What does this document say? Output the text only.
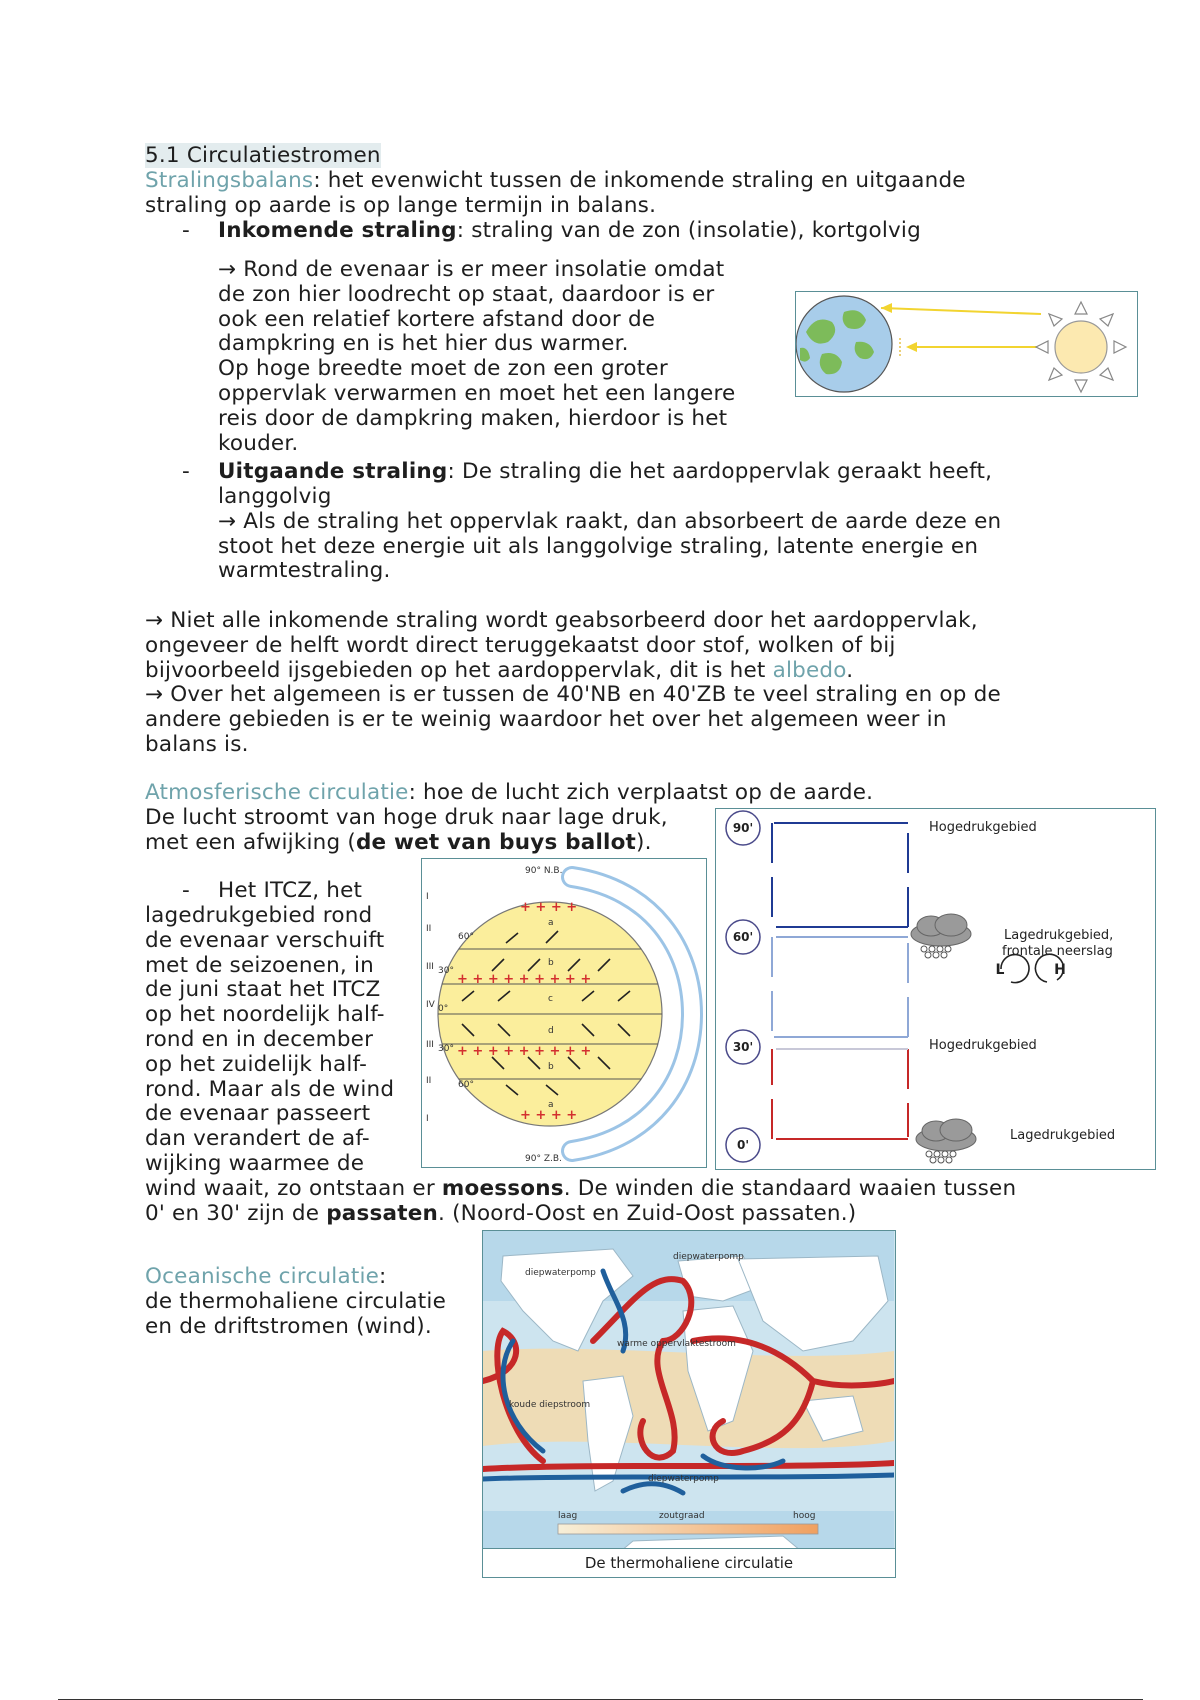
5.1 Circulatiestromen
Stralingsbalans: het evenwicht tussen de inkomende straling en uitgaande
straling op aarde is op lange termijn in balans.
- Inkomende straling: straling van de zon (insolatie), kortgolvig
→ Rond de evenaar is er meer insolatie omdat
de zon hier loodrecht op staat, daardoor is er
ook een relatief kortere afstand door de
dampkring en is het hier dus warmer.
Op hoge breedte moet de zon een groter
oppervlak verwarmen en moet het een langere
reis door de dampkring maken, hierdoor is het
kouder.
- Uitgaande straling: De straling die het aardoppervlak geraakt heeft,
langgolvig
→ Als de straling het oppervlak raakt, dan absorbeert de aarde deze en
stoot het deze energie uit als langgolvige straling, latente energie en
warmtestraling.
→ Niet alle inkomende straling wordt geabsorbeerd door het aardoppervlak,
ongeveer de helft wordt direct teruggekaatst door stof, wolken of bij
bijvoorbeeld ijsgebieden op het aardoppervlak, dit is het albedo.
→ Over het algemeen is er tussen de 40'NB en 40'ZB te veel straling en op de
andere gebieden is er te weinig waardoor het over het algemeen weer in
balans is.
Atmosferische circulatie: hoe de lucht zich verplaatst op de aarde.
De lucht stroomt van hoge druk naar lage druk,
met een afwijking (de wet van buys ballot).
- Het ITCZ, het
lagedrukgebied rond
de evenaar verschuift
met de seizoenen, in
de juni staat het ITCZ
op het noordelijk half-
rond en in december
op het zuidelijk half-
rond. Maar als de wind
de evenaar passeert
dan verandert de af-
wijking waarmee de
wind waait, zo ontstaan er moessons. De winden die standaard waaien tussen
0' en 30' zijn de passaten. (Noord-Oost en Zuid-Oost passaten.)
+ + + +
+ + + + + + + + +
+ + + + + + + + +
+ + + +
90° N.B.
90° Z.B.
I
II
III
IV
III
II
I
60°
30°
0°
30°
60°
a
b
c
d
b
a
90'
60'
30'
0'
L	H
Hogedrukgebied
Lagedrukgebied,
frontale neerslag
Hogedrukgebied
Lagedrukgebied
Oceanische circulatie:
de thermohaliene circulatie
en de driftstromen (wind).
diepwaterpomp
diepwaterpomp
warme oppervlaktestroom
koude diepstroom
diepwaterpomp
laag	zoutgraad	hoog
De thermohaliene circulatie
